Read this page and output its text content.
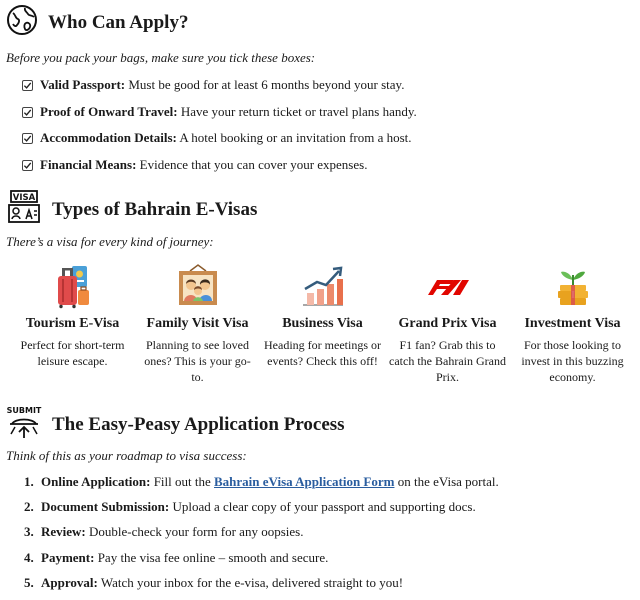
Who Can Apply?

Before you pack your bags, make sure you tick these boxes:

Valid Passport: Must be good for at least 6 months beyond your stay.
Proof of Onward Travel: Have your return ticket or travel plans handy.
Accommodation Details: A hotel booking or an invitation from a host.
Financial Means: Evidence that you can cover your expenses.
VISA
Types of Bahrain E-Visas

There’s a visa for every kind of journey:

Tourism E-Visa
Perfect for short-term leisure escape.
Family Visit Visa
Planning to see loved ones? This is your go-to.
Business Visa
Heading for meetings or events? Check this off!
Grand Prix Visa
F1 fan? Grab this to catch the Bahrain Grand Prix.
Investment Visa
For those looking to invest in this buzzing economy.
SUBMIT
The Easy-Peasy Application Process

Think of this as your roadmap to visa success:

1. Online Application: Fill out the Bahrain eVisa Application Form on the eVisa portal.
2. Document Submission: Upload a clear copy of your passport and supporting docs.
3. Review: Double-check your form for any oopsies.
4. Payment: Pay the visa fee online – smooth and secure.
5. Approval: Watch your inbox for the e-visa, delivered straight to you!
